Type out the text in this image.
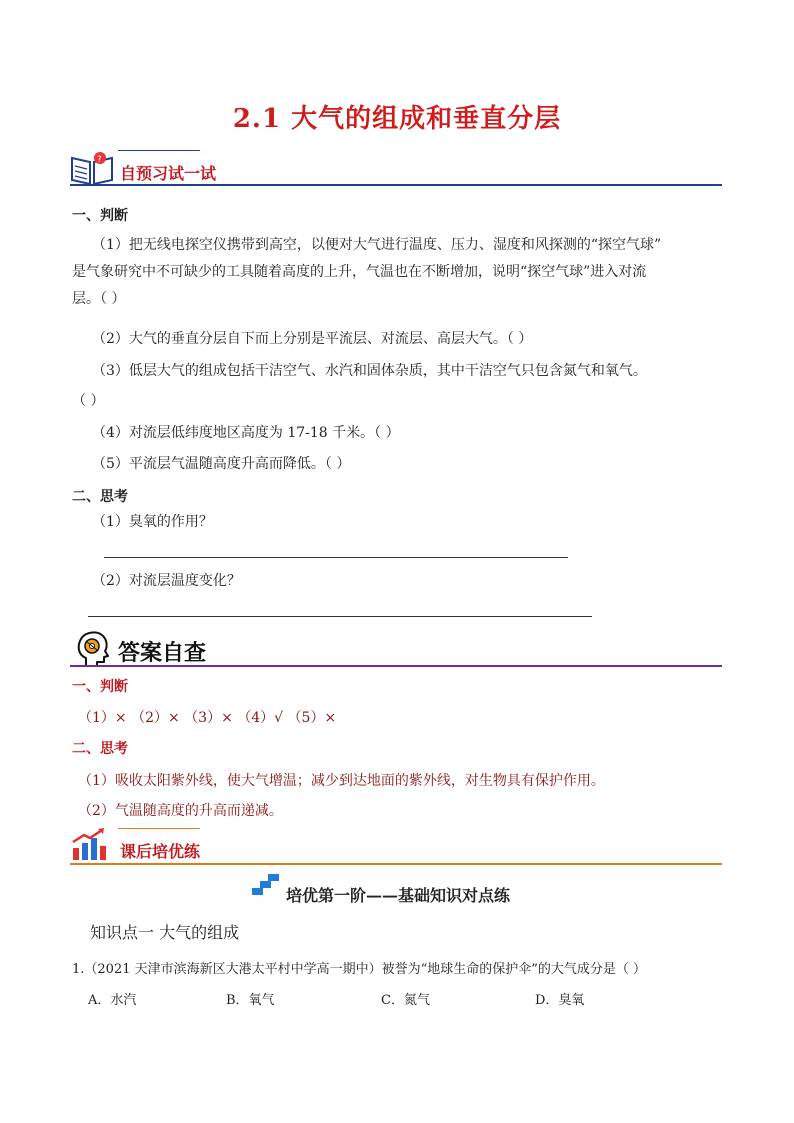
2.1 大气的组成和垂直分层
?
自预习试一试
一、判断
（1）把无线电探空仪携带到高空，以便对大气进行温度、压力、湿度和风探测的“探空气球”
是气象研究中不可缺少的工具随着高度的上升，气温也在不断增加，说明“探空气球”进入对流
层。（ ）
（2）大气的垂直分层自下而上分别是平流层、对流层、高层大气。（ ）
（3）低层大气的组成包括干洁空气、水汽和固体杂质，其中干洁空气只包含氮气和氧气。
（ ）
（4）对流层低纬度地区高度为 17-18 千米。（ ）
（5）平流层气温随高度升高而降低。（ ）
二、思考
（1）臭氧的作用？
（2）对流层温度变化？
答案自查
一、判断
（1）× （2）× （3）× （4）√ （5）×
二、思考
（1）吸收太阳紫外线，使大气增温；减少到达地面的紫外线，对生物具有保护作用。
（2）气温随高度的升高而递减。
课后培优练
培优第一阶——基础知识对点练
知识点一 大气的组成
1.（2021 天津市滨海新区大港太平村中学高一期中）被誉为“地球生命的保护伞”的大气成分是（ ）
A．水汽	B．氧气	C．氮气	D．臭氧
